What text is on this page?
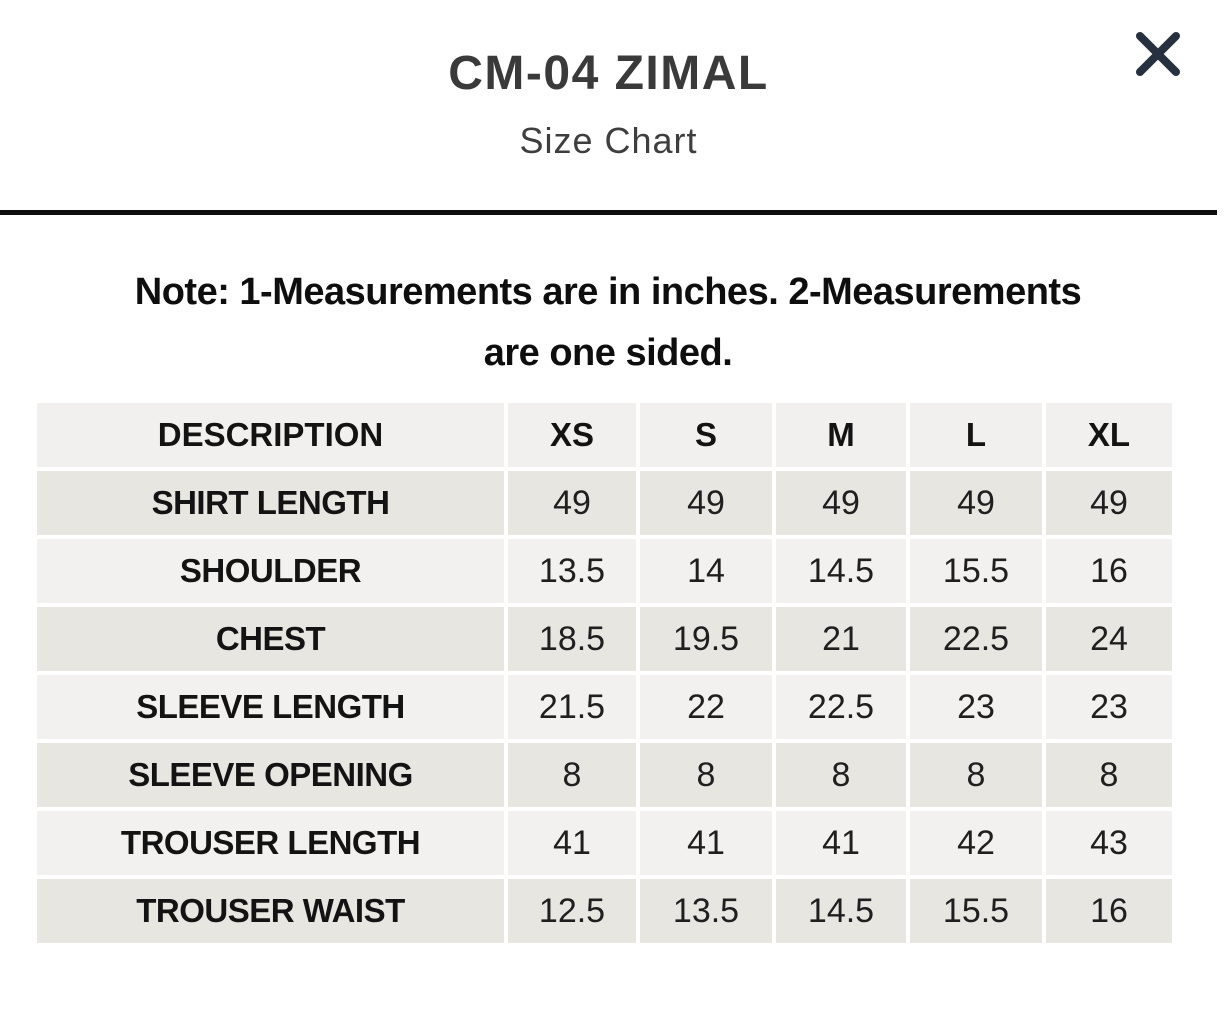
CM-04 ZIMAL
Size Chart
Note: 1-Measurements are in inches. 2-Measurements
are one sided.
DESCRIPTION	XS	S	M	L	XL
SHIRT LENGTH	49	49	49	49	49
SHOULDER	13.5	14	14.5	15.5	16
CHEST	18.5	19.5	21	22.5	24
SLEEVE LENGTH	21.5	22	22.5	23	23
SLEEVE OPENING	8	8	8	8	8
TROUSER LENGTH	41	41	41	42	43
TROUSER WAIST	12.5	13.5	14.5	15.5	16
